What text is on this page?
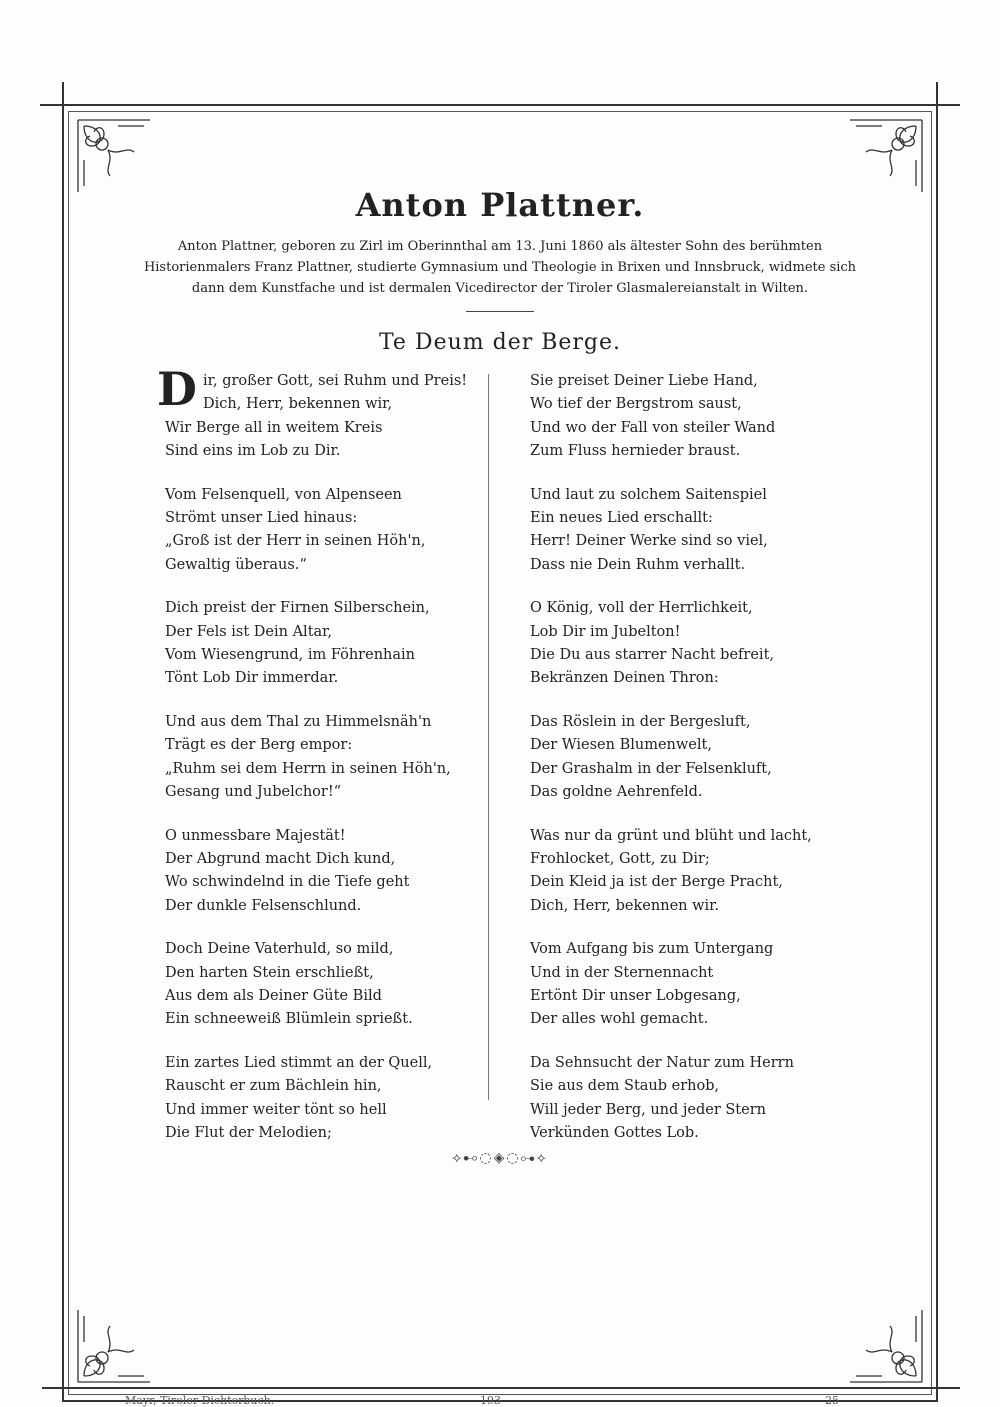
Anton Plattner.
Anton Plattner, geboren zu Zirl im Oberinnthal am 13. Juni 1860 als ältester Sohn des berühmten Historienmalers Franz Plattner, studierte Gymnasium und Theologie in Brixen und Innsbruck, widmete sich dann dem Kunstfache und ist dermalen Vicedirector der Tiroler Glasmalereianstalt in Wilten.
Te Deum der Berge.
D ir, großer Gott, sei Ruhm und Preis!
Dich, Herr, bekennen wir,
Wir Berge all in weitem Kreis
Sind eins im Lob zu Dir.
Vom Felsenquell, von Alpenseen
Strömt unser Lied hinaus:
„Groß ist der Herr in seinen Höh'n,
Gewaltig überaus.“
Dich preist der Firnen Silberschein,
Der Fels ist Dein Altar,
Vom Wiesengrund, im Föhrenhain
Tönt Lob Dir immerdar.
Und aus dem Thal zu Himmelsnäh'n
Trägt es der Berg empor:
„Ruhm sei dem Herrn in seinen Höh'n,
Gesang und Jubelchor!“
O unmessbare Majestät!
Der Abgrund macht Dich kund,
Wo schwindelnd in die Tiefe geht
Der dunkle Felsenschlund.
Doch Deine Vaterhuld, so mild,
Den harten Stein erschließt,
Aus dem als Deiner Güte Bild
Ein schneeweiß Blümlein sprießt.
Ein zartes Lied stimmt an der Quell,
Rauscht er zum Bächlein hin,
Und immer weiter tönt so hell
Die Flut der Melodien;
Sie preiset Deiner Liebe Hand,
Wo tief der Bergstrom saust,
Und wo der Fall von steiler Wand
Zum Fluss hernieder braust.
Und laut zu solchem Saitenspiel
Ein neues Lied erschallt:
Herr! Deiner Werke sind so viel,
Dass nie Dein Ruhm verhallt.
O König, voll der Herrlichkeit,
Lob Dir im Jubelton!
Die Du aus starrer Nacht befreit,
Bekränzen Deinen Thron:
Das Röslein in der Bergesluft,
Der Wiesen Blumenwelt,
Der Grashalm in der Felsenkluft,
Das goldne Aehrenfeld.
Was nur da grünt und blüht und lacht,
Frohlocket, Gott, zu Dir;
Dein Kleid ja ist der Berge Pracht,
Dich, Herr, bekennen wir.
Vom Aufgang bis zum Untergang
Und in der Sternennacht
Ertönt Dir unser Lobgesang,
Der alles wohl gemacht.
Da Sehnsucht der Natur zum Herrn
Sie aus dem Staub erhob,
Will jeder Berg, und jeder Stern
Verkünden Gottes Lob.
⟡⊷◌◈◌⊶⟡
Mayr, Tiroler Dichterbuch.	193	25
